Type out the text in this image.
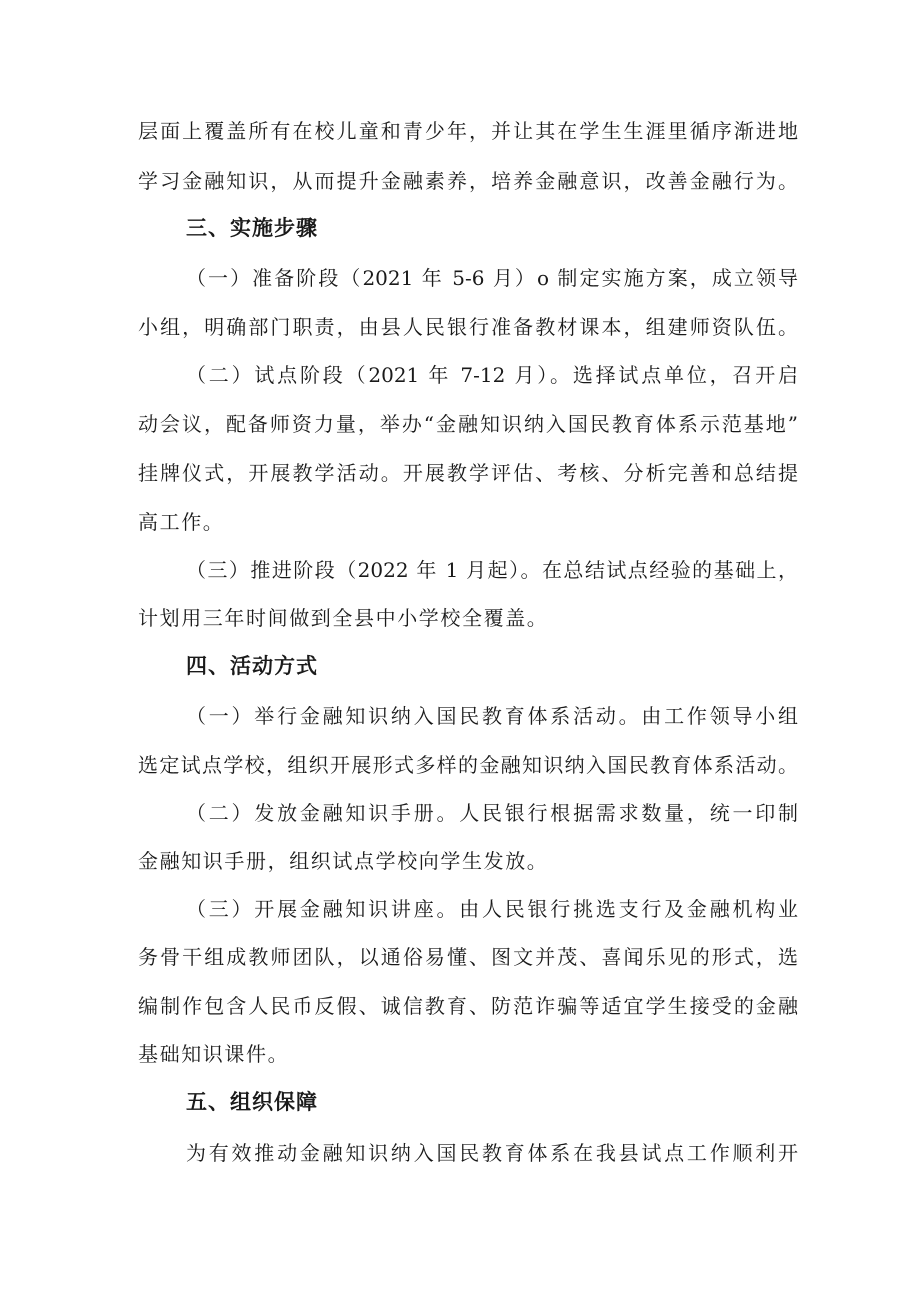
层面上覆盖所有在校儿童和青少年，并让其在学生生涯里循序渐进地
学习金融知识，从而提升金融素养，培养金融意识，改善金融行为。
三、实施步骤
（一）准备阶段（2021 年 5-6 月）o 制定实施方案，成立领导
小组，明确部门职责，由县人民银行准备教材课本，组建师资队伍。
（二）试点阶段（2021 年 7-12 月）。选择试点单位，召开启
动会议，配备师资力量，举办“金融知识纳入国民教育体系示范基地”
挂牌仪式，开展教学活动。开展教学评估、考核、分析完善和总结提
高工作。
（三）推进阶段（2022 年 1 月起）。在总结试点经验的基础上，
计划用三年时间做到全县中小学校全覆盖。
四、活动方式
（一）举行金融知识纳入国民教育体系活动。由工作领导小组
选定试点学校，组织开展形式多样的金融知识纳入国民教育体系活动。
（二）发放金融知识手册。人民银行根据需求数量，统一印制
金融知识手册，组织试点学校向学生发放。
（三）开展金融知识讲座。由人民银行挑选支行及金融机构业
务骨干组成教师团队，以通俗易懂、图文并茂、喜闻乐见的形式，选
编制作包含人民币反假、诚信教育、防范诈骗等适宜学生接受的金融
基础知识课件。
五、组织保障
为有效推动金融知识纳入国民教育体系在我县试点工作顺利开
